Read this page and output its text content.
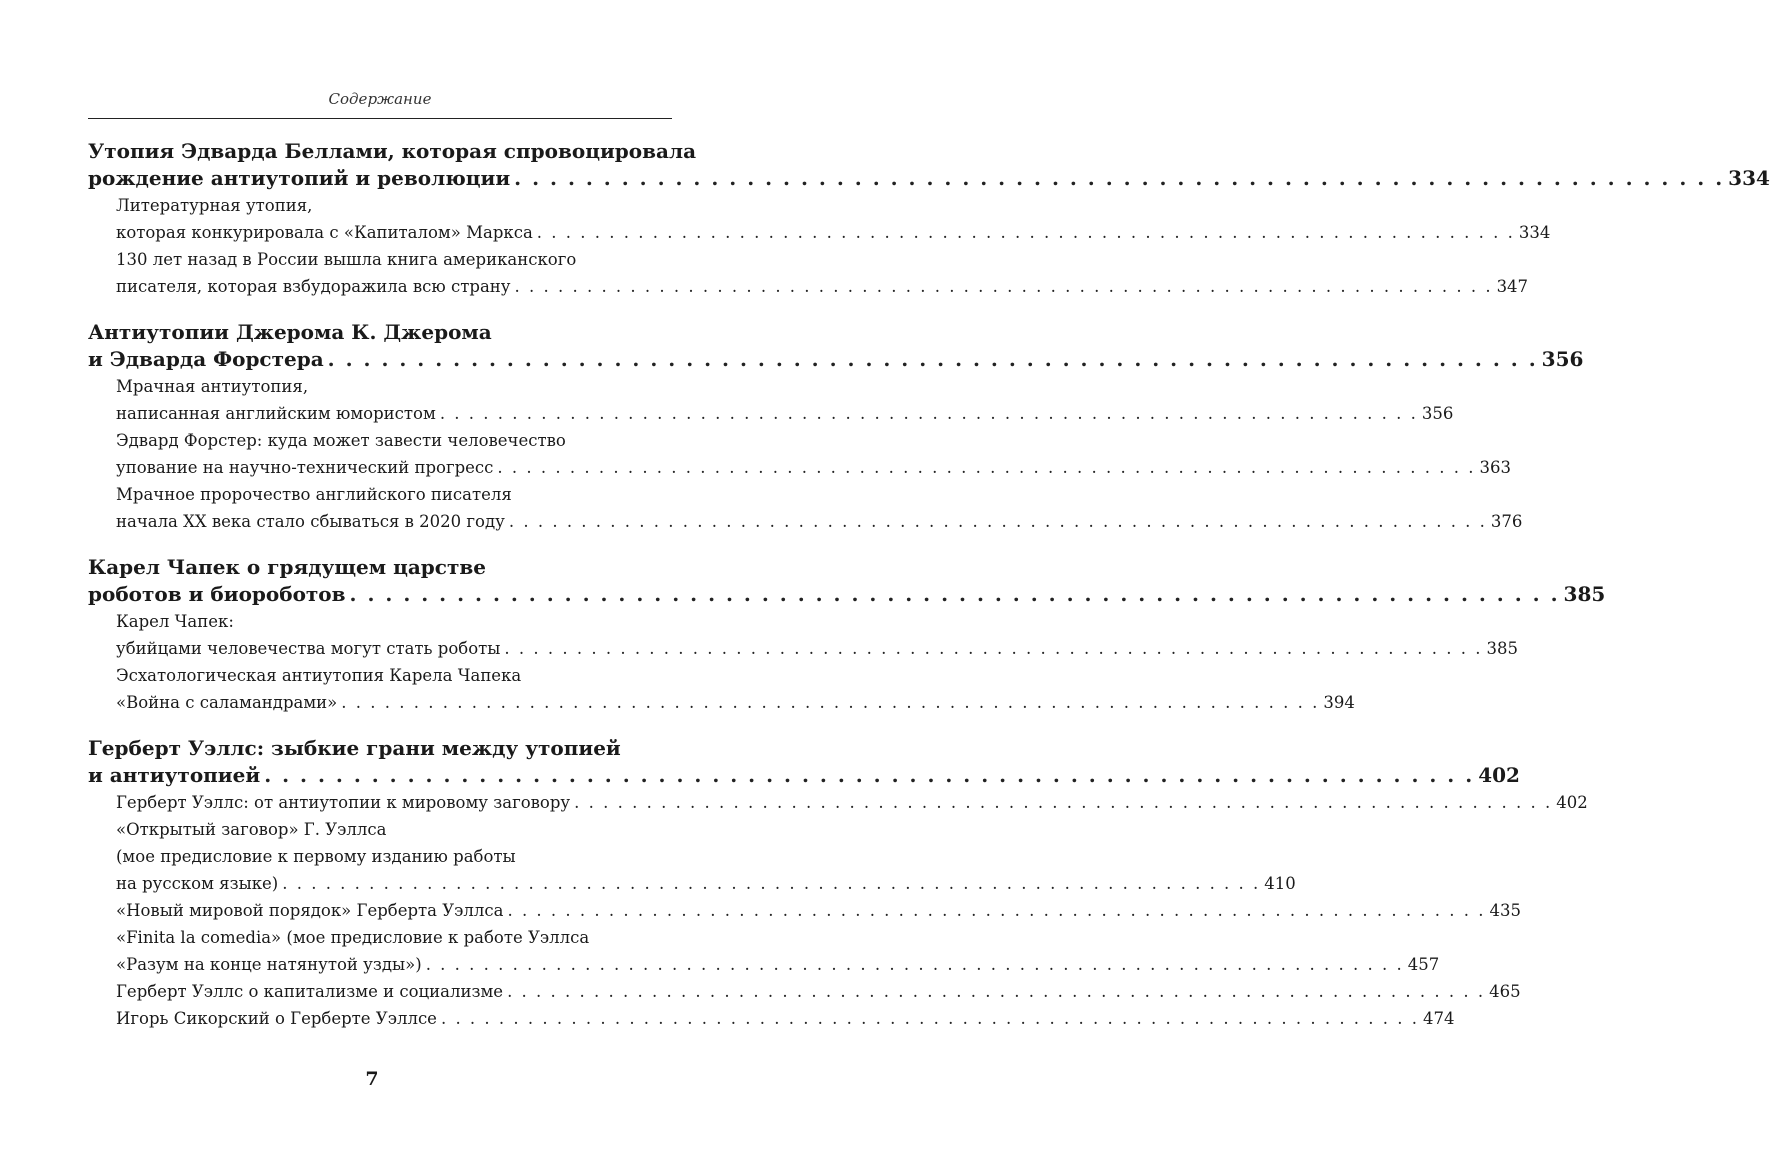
Содержание
Утопия Эдварда Беллами, которая спровоцировала
рождение антиутопий и революции . . . . . . . . . . . . . . . . . . . . . . . . . . . . . . . . . . . . . . . . . . . . . . . . . . . . . . . . . . . . . . . . . . . . 334
Литературная утопия,
которая конкурировала с «Капиталом» Маркса . . . . . . . . . . . . . . . . . . . . . . . . . . . . . . . . . . . . . . . . . . . . . . . . . . . . . . . . . . . . . . . . . . . . 334
130 лет назад в России вышла книга американского
писателя, которая взбудоражила всю страну . . . . . . . . . . . . . . . . . . . . . . . . . . . . . . . . . . . . . . . . . . . . . . . . . . . . . . . . . . . . . . . . . . . . 347
Антиутопии Джерома К. Джерома
и Эдварда Форстера . . . . . . . . . . . . . . . . . . . . . . . . . . . . . . . . . . . . . . . . . . . . . . . . . . . . . . . . . . . . . . . . . . . . 356
Мрачная антиутопия,
написанная английским юмористом . . . . . . . . . . . . . . . . . . . . . . . . . . . . . . . . . . . . . . . . . . . . . . . . . . . . . . . . . . . . . . . . . . . . 356
Эдвард Форстер: куда может завести человечество
упование на научно-технический прогресс . . . . . . . . . . . . . . . . . . . . . . . . . . . . . . . . . . . . . . . . . . . . . . . . . . . . . . . . . . . . . . . . . . . . 363
Мрачное пророчество английского писателя
начала XX века стало сбываться в 2020 году . . . . . . . . . . . . . . . . . . . . . . . . . . . . . . . . . . . . . . . . . . . . . . . . . . . . . . . . . . . . . . . . . . . . 376
Карел Чапек о грядущем царстве
роботов и биороботов . . . . . . . . . . . . . . . . . . . . . . . . . . . . . . . . . . . . . . . . . . . . . . . . . . . . . . . . . . . . . . . . . . . . 385
Карел Чапек:
убийцами человечества могут стать роботы . . . . . . . . . . . . . . . . . . . . . . . . . . . . . . . . . . . . . . . . . . . . . . . . . . . . . . . . . . . . . . . . . . . . 385
Эсхатологическая антиутопия Карела Чапека
«Война с саламандрами» . . . . . . . . . . . . . . . . . . . . . . . . . . . . . . . . . . . . . . . . . . . . . . . . . . . . . . . . . . . . . . . . . . . . 394
Герберт Уэллс: зыбкие грани между утопией
и антиутопией . . . . . . . . . . . . . . . . . . . . . . . . . . . . . . . . . . . . . . . . . . . . . . . . . . . . . . . . . . . . . . . . . . . . 402
Герберт Уэллс: от антиутопии к мировому заговору . . . . . . . . . . . . . . . . . . . . . . . . . . . . . . . . . . . . . . . . . . . . . . . . . . . . . . . . . . . . . . . . . . . . 402
«Открытый заговор» Г. Уэллса
(мое предисловие к первому изданию работы
на русском языке) . . . . . . . . . . . . . . . . . . . . . . . . . . . . . . . . . . . . . . . . . . . . . . . . . . . . . . . . . . . . . . . . . . . . 410
«Новый мировой порядок» Герберта Уэллса . . . . . . . . . . . . . . . . . . . . . . . . . . . . . . . . . . . . . . . . . . . . . . . . . . . . . . . . . . . . . . . . . . . . 435
«Finita la comedia» (мое предисловие к работе Уэллса
«Разум на конце натянутой узды») . . . . . . . . . . . . . . . . . . . . . . . . . . . . . . . . . . . . . . . . . . . . . . . . . . . . . . . . . . . . . . . . . . . . 457
Герберт Уэллс о капитализме и социализме . . . . . . . . . . . . . . . . . . . . . . . . . . . . . . . . . . . . . . . . . . . . . . . . . . . . . . . . . . . . . . . . . . . . 465
Игорь Сикорский о Герберте Уэллсе . . . . . . . . . . . . . . . . . . . . . . . . . . . . . . . . . . . . . . . . . . . . . . . . . . . . . . . . . . . . . . . . . . . . 474
7
